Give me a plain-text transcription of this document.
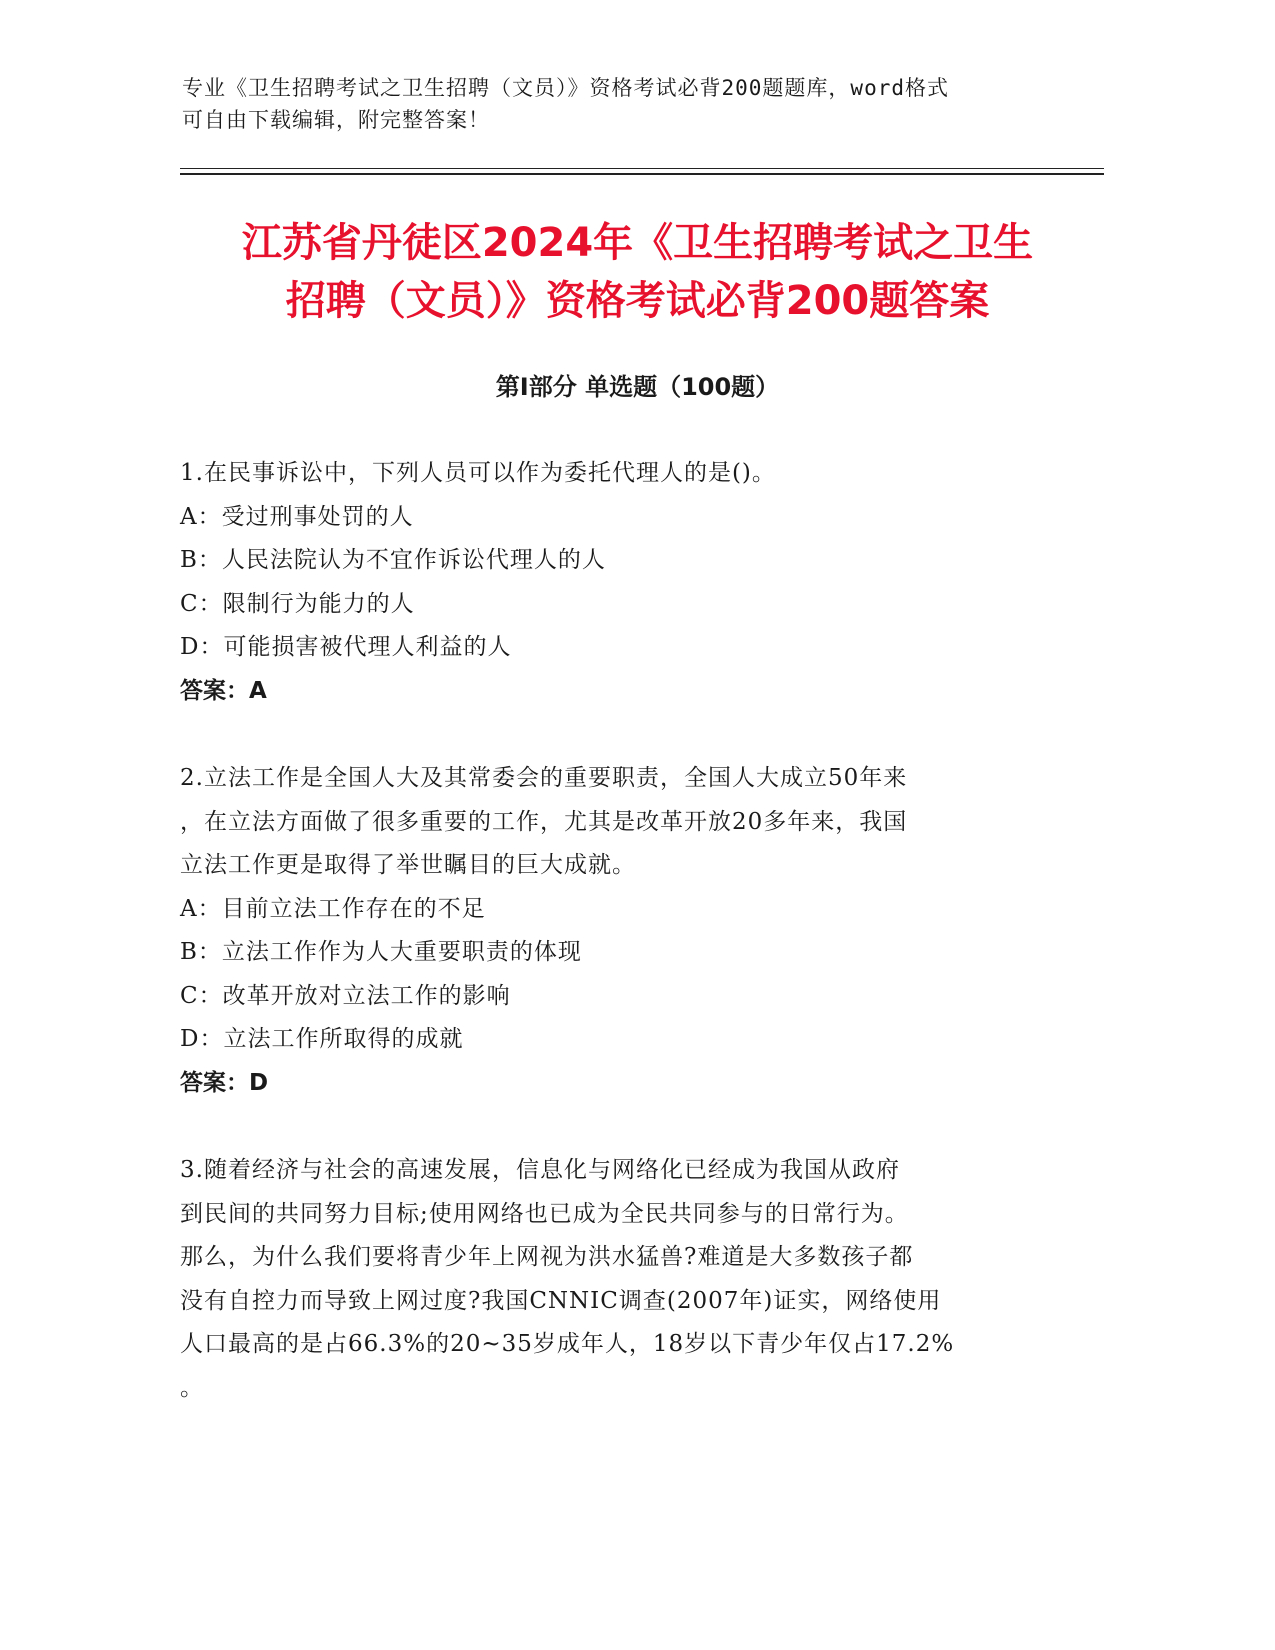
专业《卫生招聘考试之卫生招聘（文员）》资格考试必背200题题库，word格式
可自由下载编辑，附完整答案！
江苏省丹徒区2024年《卫生招聘考试之卫生
招聘（文员）》资格考试必背200题答案
第Ⅰ部分 单选题（100题）

1.在民事诉讼中，下列人员可以作为委托代理人的是()。

A：受过刑事处罚的人

B：人民法院认为不宜作诉讼代理人的人

C：限制行为能力的人

D：可能损害被代理人利益的人

答案：A

2.立法工作是全国人大及其常委会的重要职责，全国人大成立50年来

，在立法方面做了很多重要的工作，尤其是改革开放20多年来，我国

立法工作更是取得了举世瞩目的巨大成就。

A：目前立法工作存在的不足

B：立法工作作为人大重要职责的体现

C：改革开放对立法工作的影响

D：立法工作所取得的成就

答案：D

3.随着经济与社会的高速发展，信息化与网络化已经成为我国从政府

到民间的共同努力目标;使用网络也已成为全民共同参与的日常行为。

那么，为什么我们要将青少年上网视为洪水猛兽?难道是大多数孩子都

没有自控力而导致上网过度?我国CNNIC调查(2007年)证实，网络使用

人口最高的是占66.3%的20~35岁成年人，18岁以下青少年仅占17.2%

。
